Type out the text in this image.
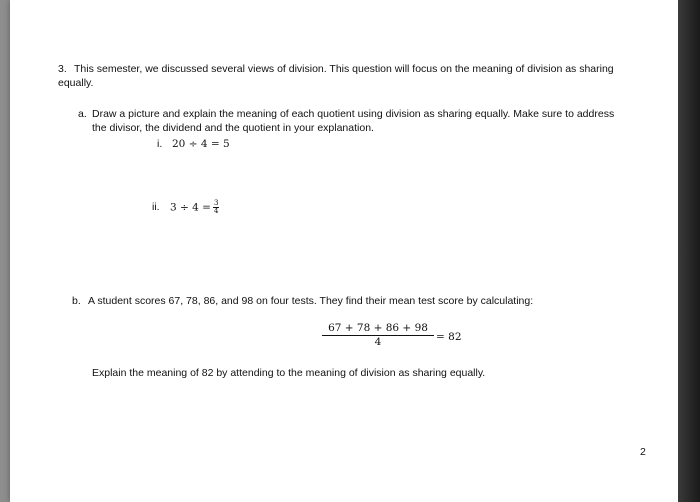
3. This semester, we discussed several views of division. This question will focus on the meaning of division as sharing
equally.
a. Draw a picture and explain the meaning of each quotient using division as sharing equally. Make sure to address
the divisor, the dividend and the quotient in your explanation.
i. 20 ÷ 4 = 5
ii. $3 \div 4 = \frac{3}{4}$
b. A student scores 67, 78, 86, and 98 on four tests. They find their mean test score by calculating:
67 + 78 + 86 + 98
4	= 82
Explain the meaning of 82 by attending to the meaning of division as sharing equally.
2
